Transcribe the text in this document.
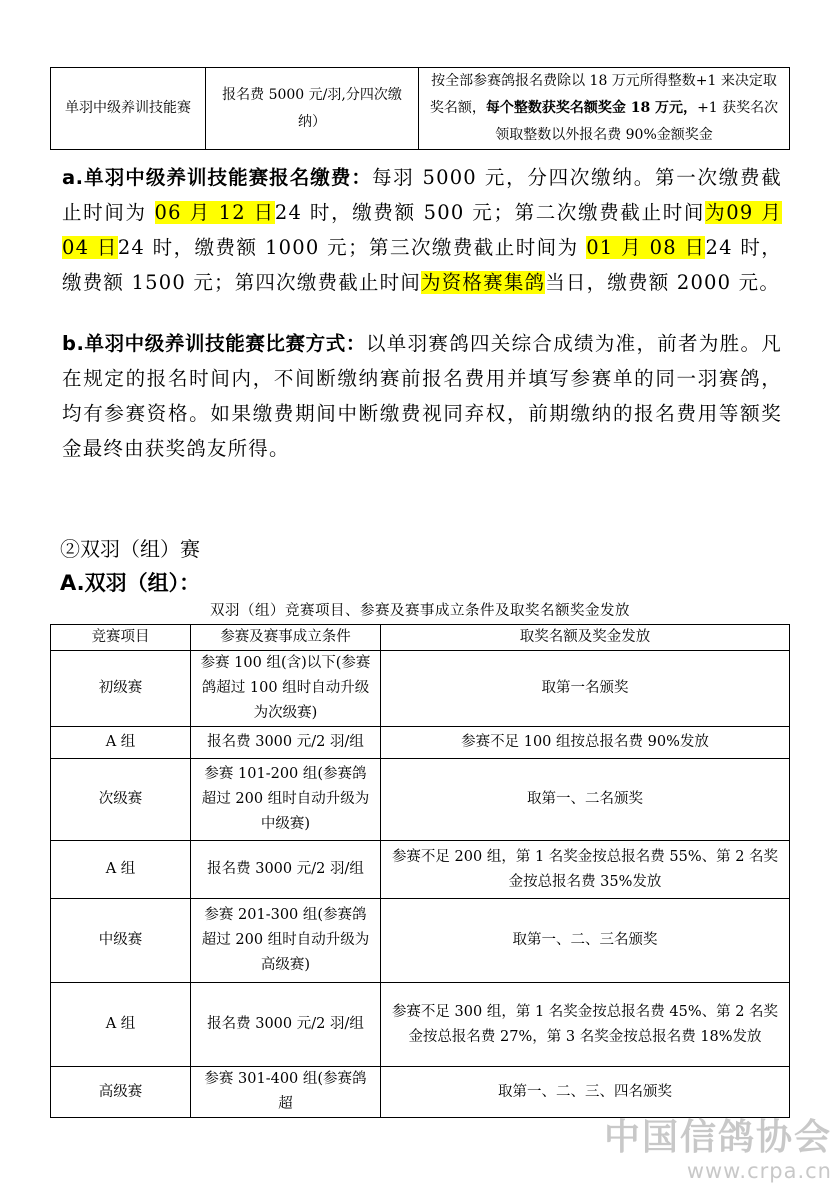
单羽中级养训技能赛	报名费 5000 元/羽,分四次缴纳）	按全部参赛鸽报名费除以 18 万元所得整数+1 来决定取奖名额，每个整数获奖名额奖金 18 万元，+1 获奖名次领取整数以外报名费 90%金额奖金
a.单羽中级养训技能赛报名缴费：每羽 5000 元，分四次缴纳。第一次缴费截止时间为 06 月 12 日24 时，缴费额 500 元；第二次缴费截止时间为09 月 04 日24 时，缴费额 1000 元；第三次缴费截止时间为 01 月 08 日24 时，缴费额 1500 元；第四次缴费截止时间为资格赛集鸽当日，缴费额 2000 元。
b.单羽中级养训技能赛比赛方式：以单羽赛鸽四关综合成绩为准，前者为胜。凡在规定的报名时间内，不间断缴纳赛前报名费用并填写参赛单的同一羽赛鸽，均有参赛资格。如果缴费期间中断缴费视同弃权，前期缴纳的报名费用等额奖金最终由获奖鸽友所得。
②双羽（组）赛
A.双羽（组）：
双羽（组）竞赛项目、参赛及赛事成立条件及取奖名额奖金发放
竞赛项目	参赛及赛事成立条件	取奖名额及奖金发放
初级赛	参赛 100 组(含)以下(参赛鸽超过 100 组时自动升级为次级赛)	取第一名颁奖
A 组	报名费 3000 元/2 羽/组	参赛不足 100 组按总报名费 90%发放
次级赛	参赛 101-200 组(参赛鸽超过 200 组时自动升级为中级赛)	取第一、二名颁奖
A 组	报名费 3000 元/2 羽/组	参赛不足 200 组，第 1 名奖金按总报名费 55%、第 2 名奖金按总报名费 35%发放
中级赛	参赛 201-300 组(参赛鸽超过 200 组时自动升级为高级赛)	取第一、二、三名颁奖
A 组	报名费 3000 元/2 羽/组	参赛不足 300 组，第 1 名奖金按总报名费 45%、第 2 名奖金按总报名费 27%，第 3 名奖金按总报名费 18%发放
高级赛	参赛 301-400 组(参赛鸽超	取第一、二、三、四名颁奖
中国信鸽协会
www.crpa.cn
